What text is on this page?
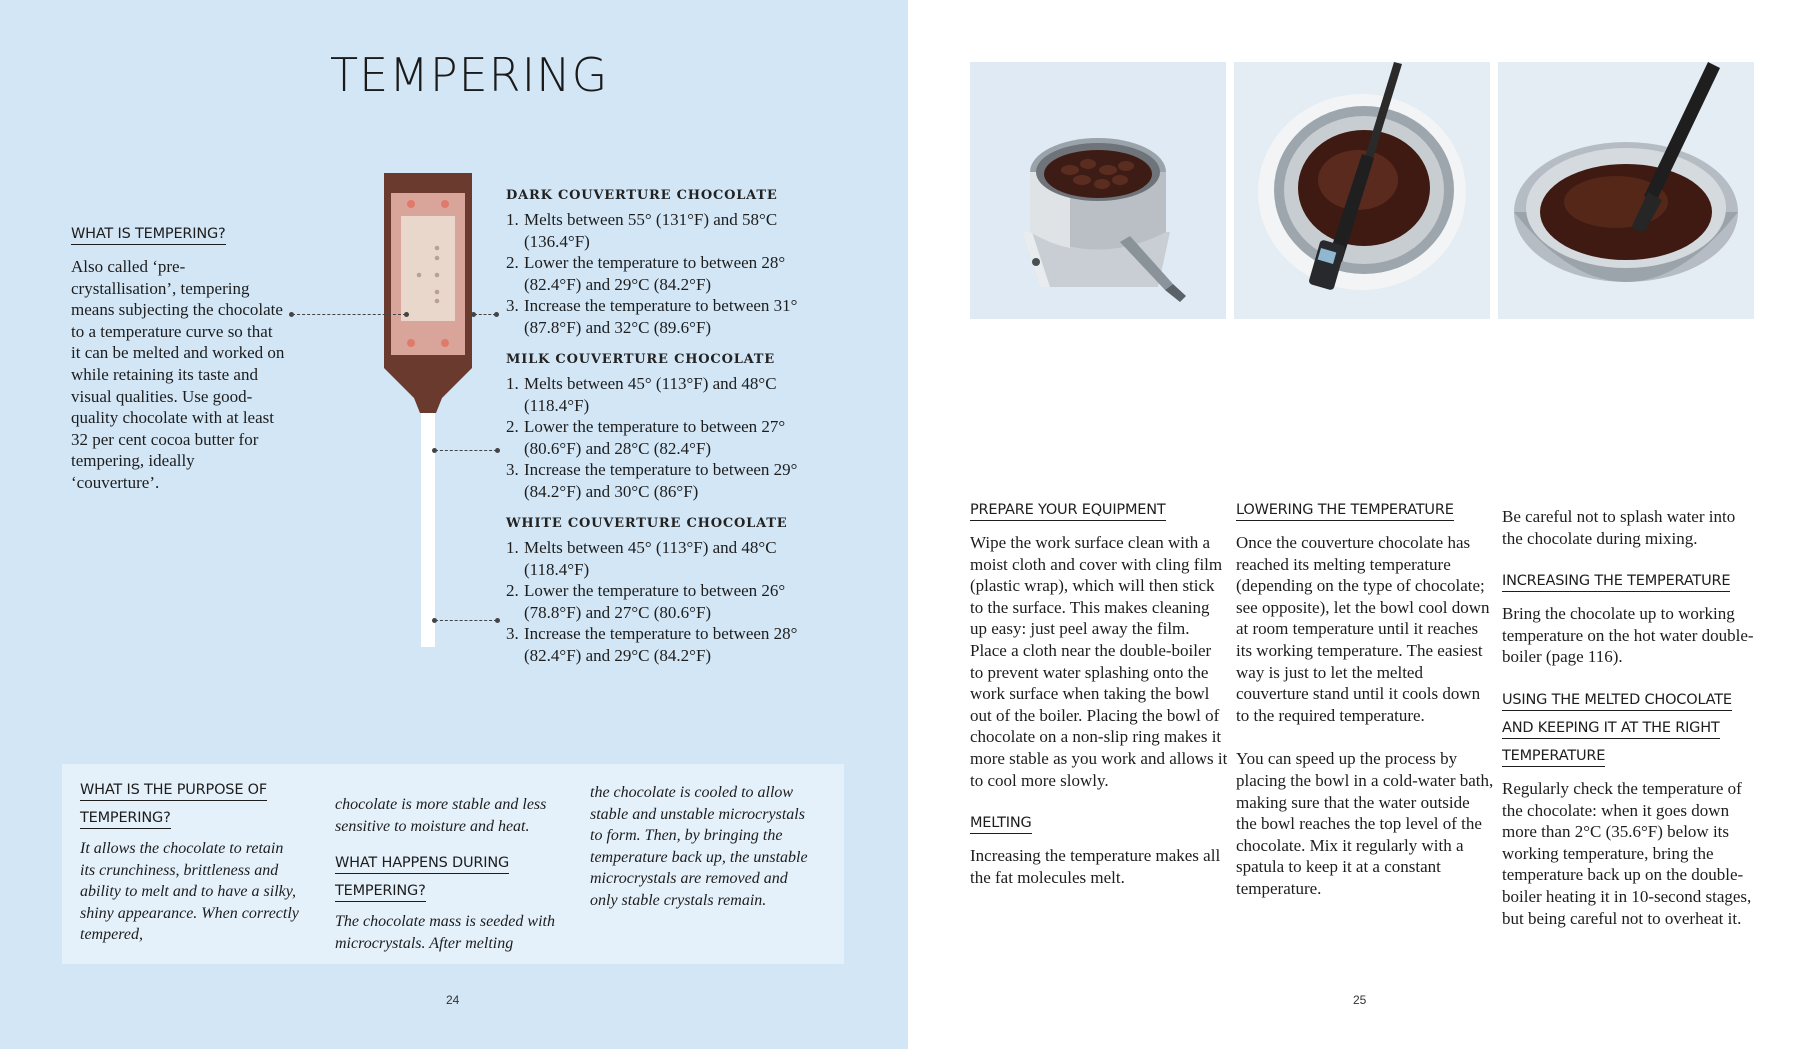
TEMPERING
WHAT IS TEMPERING?

Also called ‘pre-crystallisation’, tempering means subjecting the chocolate to a temperature curve so that it can be melted and worked on while retaining its taste and visual qualities. Use good-quality chocolate with at least 32 per cent cocoa butter for tempering, ideally ‘couverture’.

DARK COUVERTURE CHOCOLATE
1. Melts between 55° (131°F) and 58°C (136.4°F)
2. Lower the temperature to between 28° (82.4°F) and 29°C (84.2°F)
3. Increase the temperature to between 31° (87.8°F) and 32°C (89.6°F)
MILK COUVERTURE CHOCOLATE
1. Melts between 45° (113°F) and 48°C (118.4°F)
2. Lower the temperature to between 27° (80.6°F) and 28°C (82.4°F)
3. Increase the temperature to between 29° (84.2°F) and 30°C (86°F)
WHITE COUVERTURE CHOCOLATE
1. Melts between 45° (113°F) and 48°C (118.4°F)
2. Lower the temperature to between 26° (78.8°F) and 27°C (80.6°F)
3. Increase the temperature to between 28° (82.4°F) and 29°C (84.2°F)
WHAT IS THE PURPOSE OF TEMPERING?
It allows the chocolate to retain its crunchiness, brittleness and ability to melt and to have a silky, shiny appearance. When correctly tempered,
chocolate is more stable and less sensitive to moisture and heat.
WHAT HAPPENS DURING TEMPERING?
The chocolate mass is seeded with microcrystals. After melting
the chocolate is cooled to allow stable and unstable microcrystals to form. Then, by bringing the temperature back up, the unstable microcrystals are removed and only stable crystals remain.
24
PREPARE YOUR EQUIPMENT

Wipe the work surface clean with a moist cloth and cover with cling film (plastic wrap), which will then stick to the surface. This makes cleaning up easy: just peel away the film. Place a cloth near the double-boiler to prevent water splashing onto the work surface when taking the bowl out of the boiler. Placing the bowl of chocolate on a non-slip ring makes it more stable as you work and allows it to cool more slowly.

MELTING

Increasing the temperature makes all the fat molecules melt.

LOWERING THE TEMPERATURE

Once the couverture chocolate has reached its melting temperature (depending on the type of chocolate; see opposite), let the bowl cool down at room temperature until it reaches its working temperature. The easiest way is just to let the melted couverture stand until it cools down to the required temperature.

You can speed up the process by placing the bowl in a cold-water bath, making sure that the water outside the bowl reaches the top level of the chocolate. Mix it regularly with a spatula to keep it at a constant temperature.

Be careful not to splash water into the chocolate during mixing.

INCREASING THE TEMPERATURE

Bring the chocolate up to working temperature on the hot water double-boiler (page 116).

USING THE MELTED CHOCOLATE AND KEEPING IT AT THE RIGHT TEMPERATURE

Regularly check the temperature of the chocolate: when it goes down more than 2°C (35.6°F) below its working temperature, bring the temperature back up on the double-boiler heating it in 10-second stages, but being careful not to overheat it.

25
